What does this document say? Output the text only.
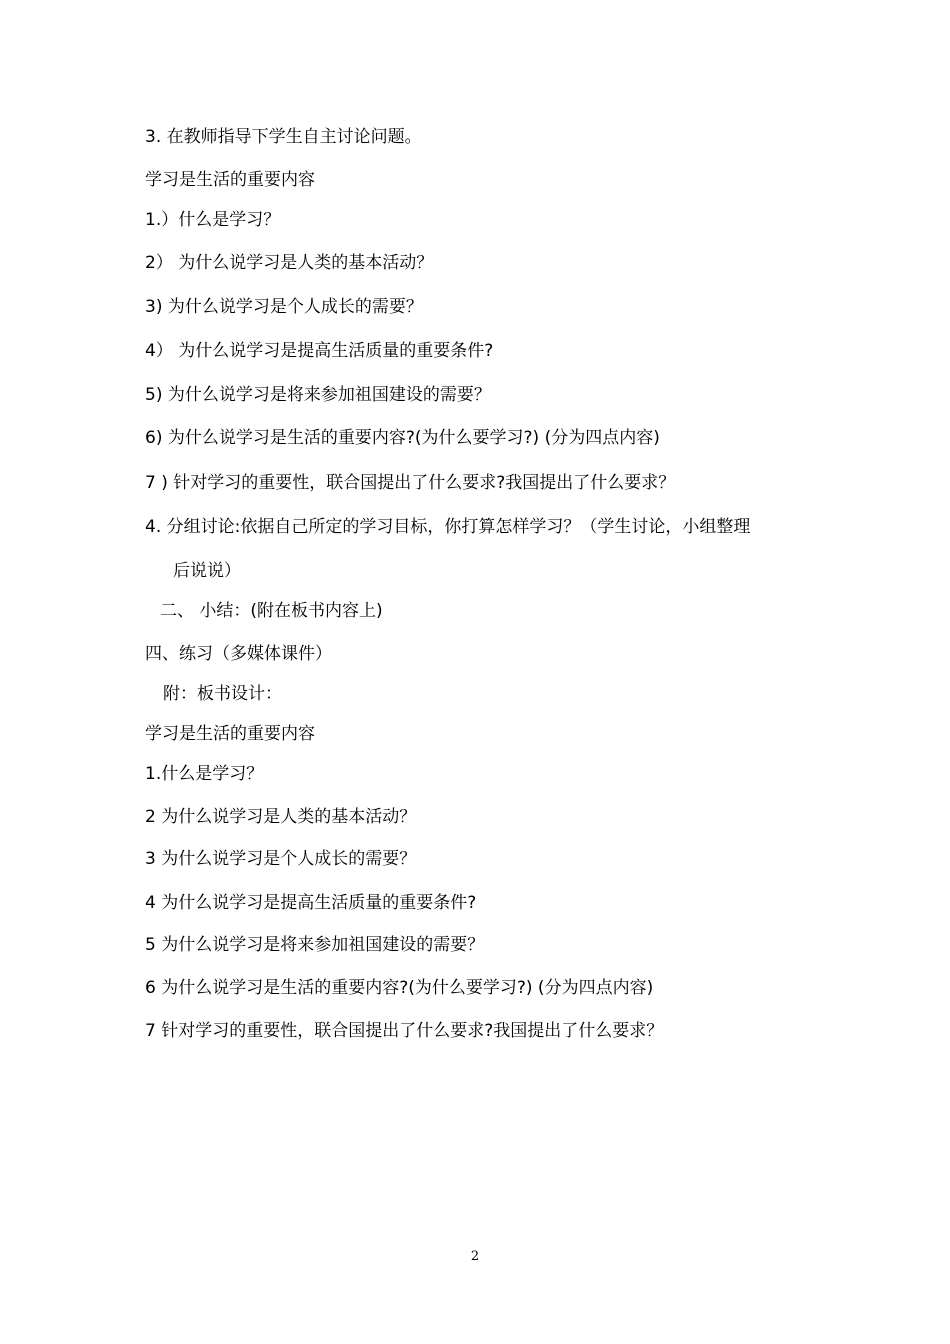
3. 在教师指导下学生自主讨论问题。
学习是生活的重要内容
1.）什么是学习？
2） 为什么说学习是人类的基本活动？
3) 为什么说学习是个人成长的需要？
4） 为什么说学习是提高生活质量的重要条件?
5) 为什么说学习是将来参加祖国建设的需要？
6) 为什么说学习是生活的重要内容?(为什么要学习?) (分为四点内容)
7 ) 针对学习的重要性，联合国提出了什么要求?我国提出了什么要求？
4. 分组讨论:依据自己所定的学习目标，你打算怎样学习？（学生讨论，小组整理
后说说）
二、 小结：(附在板书内容上)
四、练习（多媒体课件）
附：板书设计：
学习是生活的重要内容
1.什么是学习？
2 为什么说学习是人类的基本活动？
3 为什么说学习是个人成长的需要？
4 为什么说学习是提高生活质量的重要条件?
5 为什么说学习是将来参加祖国建设的需要？
6 为什么说学习是生活的重要内容?(为什么要学习?) (分为四点内容)
7 针对学习的重要性，联合国提出了什么要求?我国提出了什么要求？
2
